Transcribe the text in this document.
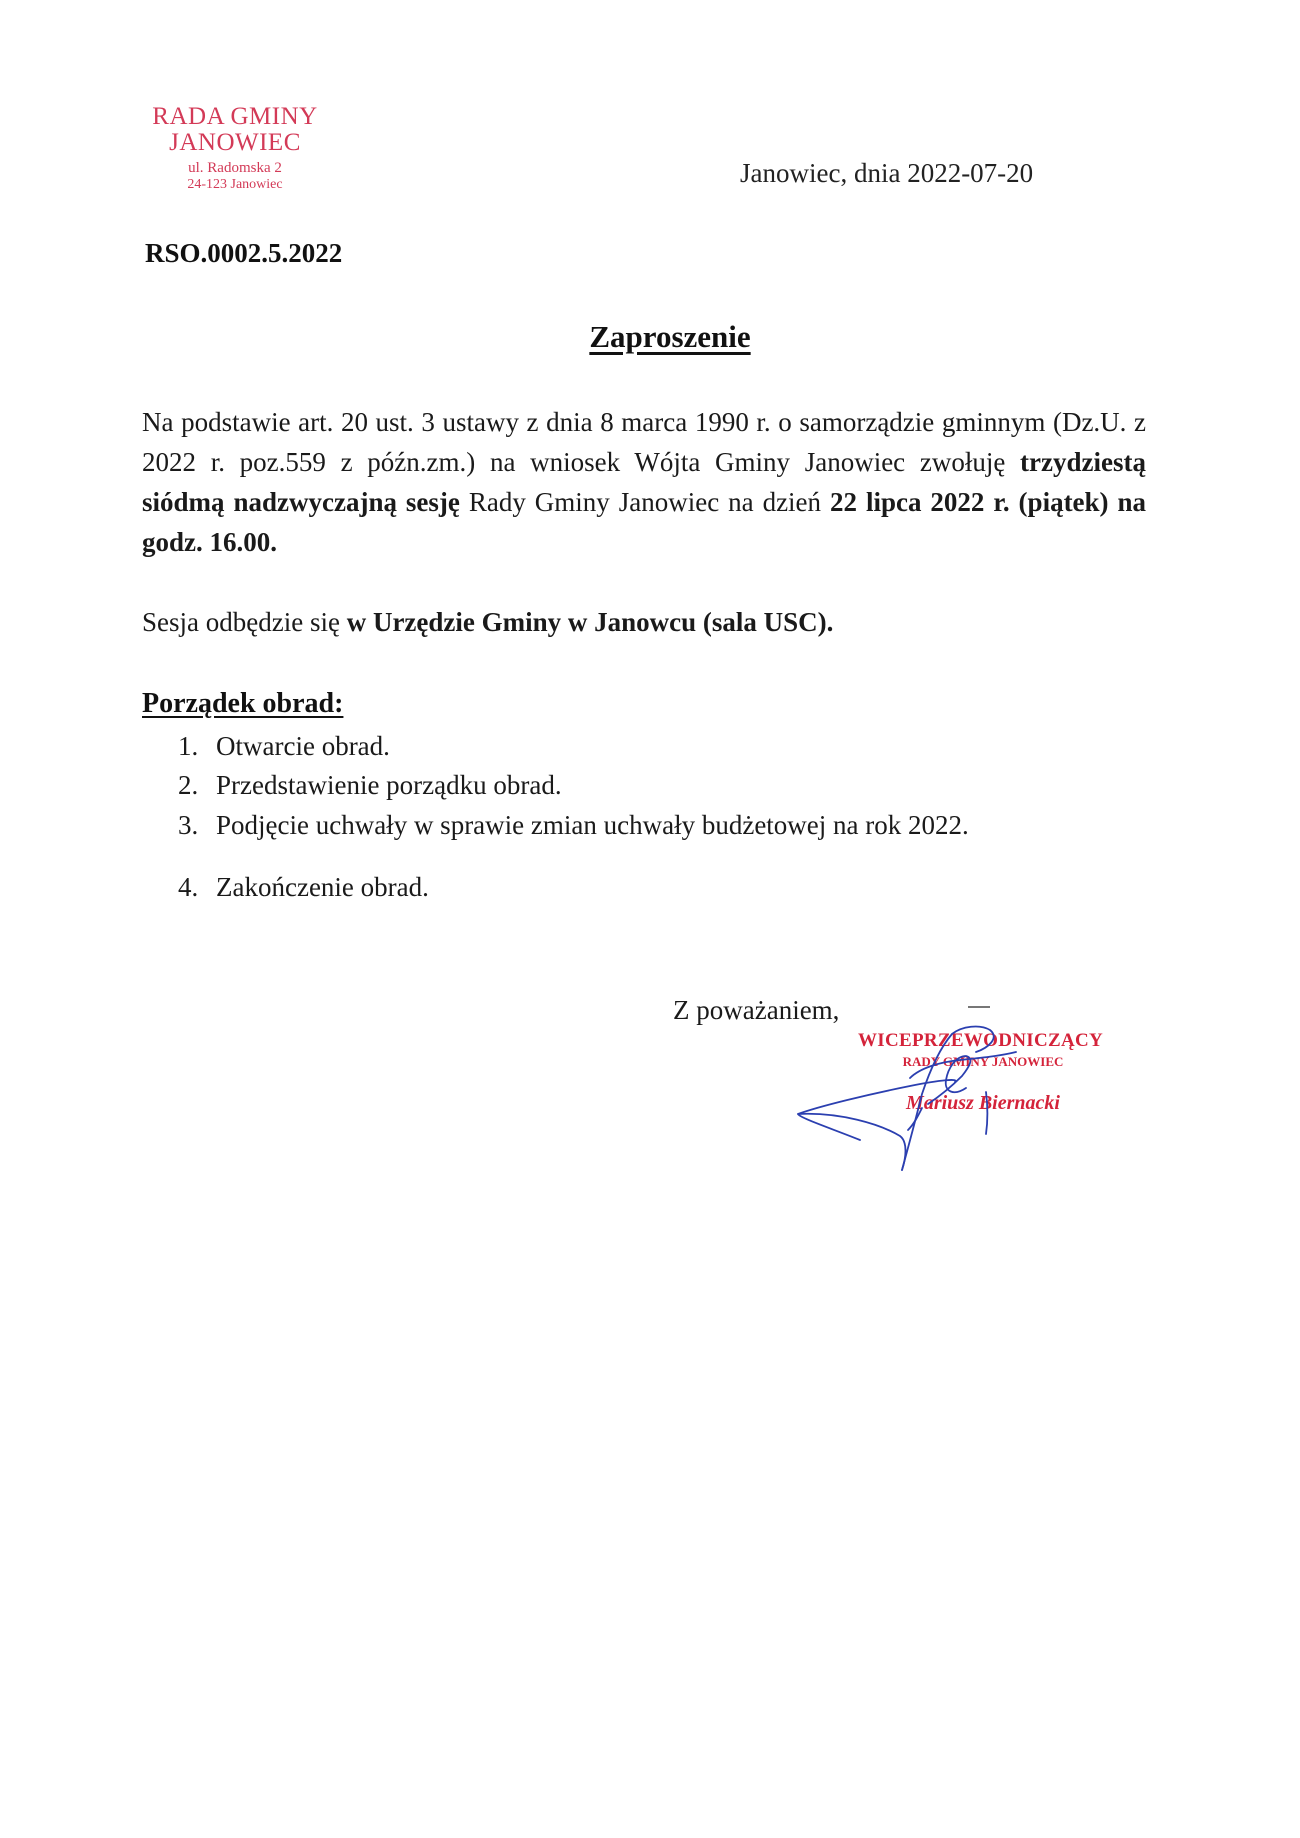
RADA GMINY
JANOWIEC
ul. Radomska 2
24-123 Janowiec	Janowiec, dnia 2022-07-20
RSO.0002.5.2022
Zaproszenie
Na podstawie art. 20 ust. 3 ustawy z dnia 8 marca 1990 r. o samorządzie gminnym (Dz.U. z 2022 r. poz.559 z późn.zm.) na wniosek Wójta Gminy Janowiec zwołuję trzydziestą siódmą nadzwyczajną sesję Rady Gminy Janowiec na dzień 22 lipca 2022 r. (piątek) na godz. 16.00.
Sesja odbędzie się w Urzędzie Gminy w Janowcu (sala USC).
Porządek obrad:
1. Otwarcie obrad.
2. Przedstawienie porządku obrad.
3. Podjęcie uchwały w sprawie zmian uchwały budżetowej na rok 2022.
4. Zakończenie obrad.
Z poważaniem,
WICEPRZEWODNICZĄCY
RADY GMINY JANOWIEC
Mariusz Biernacki
